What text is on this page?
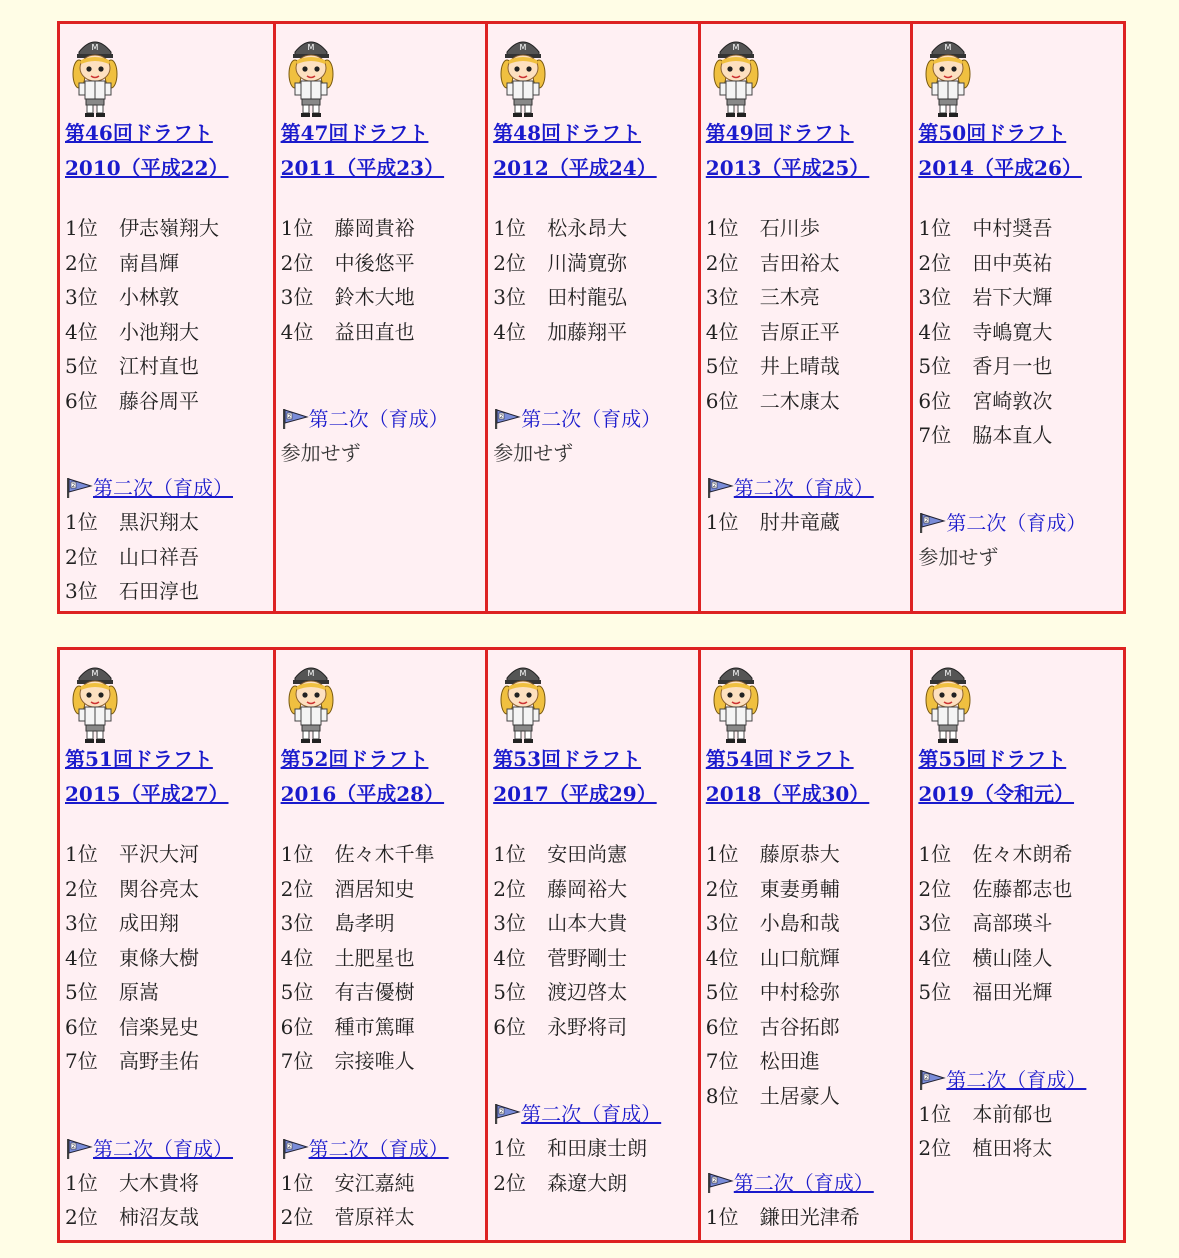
M
第46回ドラフト
2010（平成22）
1位 伊志嶺翔大
2位 南昌輝
3位 小林敦
4位 小池翔大
5位 江村直也
6位 藤谷周平
2 第二次（育成）
1位 黒沢翔太
2位 山口祥吾
3位 石田淳也
M
第47回ドラフト
2011（平成23）
1位 藤岡貴裕
2位 中後悠平
3位 鈴木大地
4位 益田直也
2 第二次（育成）
参加せず
M
第48回ドラフト
2012（平成24）
1位 松永昂大
2位 川満寛弥
3位 田村龍弘
4位 加藤翔平
2 第二次（育成）
参加せず
M
第49回ドラフト
2013（平成25）
1位 石川歩
2位 吉田裕太
3位 三木亮
4位 吉原正平
5位 井上晴哉
6位 二木康太
2 第二次（育成）
1位 肘井竜蔵
M
第50回ドラフト
2014（平成26）
1位 中村奨吾
2位 田中英祐
3位 岩下大輝
4位 寺嶋寛大
5位 香月一也
6位 宮崎敦次
7位 脇本直人
2 第二次（育成）
参加せず
M
第51回ドラフト
2015（平成27）
1位 平沢大河
2位 関谷亮太
3位 成田翔
4位 東條大樹
5位 原嵩
6位 信楽晃史
7位 高野圭佑
2 第二次（育成）
1位 大木貴将
2位 柿沼友哉
M
第52回ドラフト
2016（平成28）
1位 佐々木千隼
2位 酒居知史
3位 島孝明
4位 土肥星也
5位 有吉優樹
6位 種市篤暉
7位 宗接唯人
2 第二次（育成）
1位 安江嘉純
2位 菅原祥太
M
第53回ドラフト
2017（平成29）
1位 安田尚憲
2位 藤岡裕大
3位 山本大貴
4位 菅野剛士
5位 渡辺啓太
6位 永野将司
2 第二次（育成）
1位 和田康士朗
2位 森遼大朗
M
第54回ドラフト
2018（平成30）
1位 藤原恭大
2位 東妻勇輔
3位 小島和哉
4位 山口航輝
5位 中村稔弥
6位 古谷拓郎
7位 松田進
8位 土居豪人
2 第二次（育成）
1位 鎌田光津希
M
第55回ドラフト
2019（令和元）
1位 佐々木朗希
2位 佐藤都志也
3位 高部瑛斗
4位 横山陸人
5位 福田光輝
2 第二次（育成）
1位 本前郁也
2位 植田将太
